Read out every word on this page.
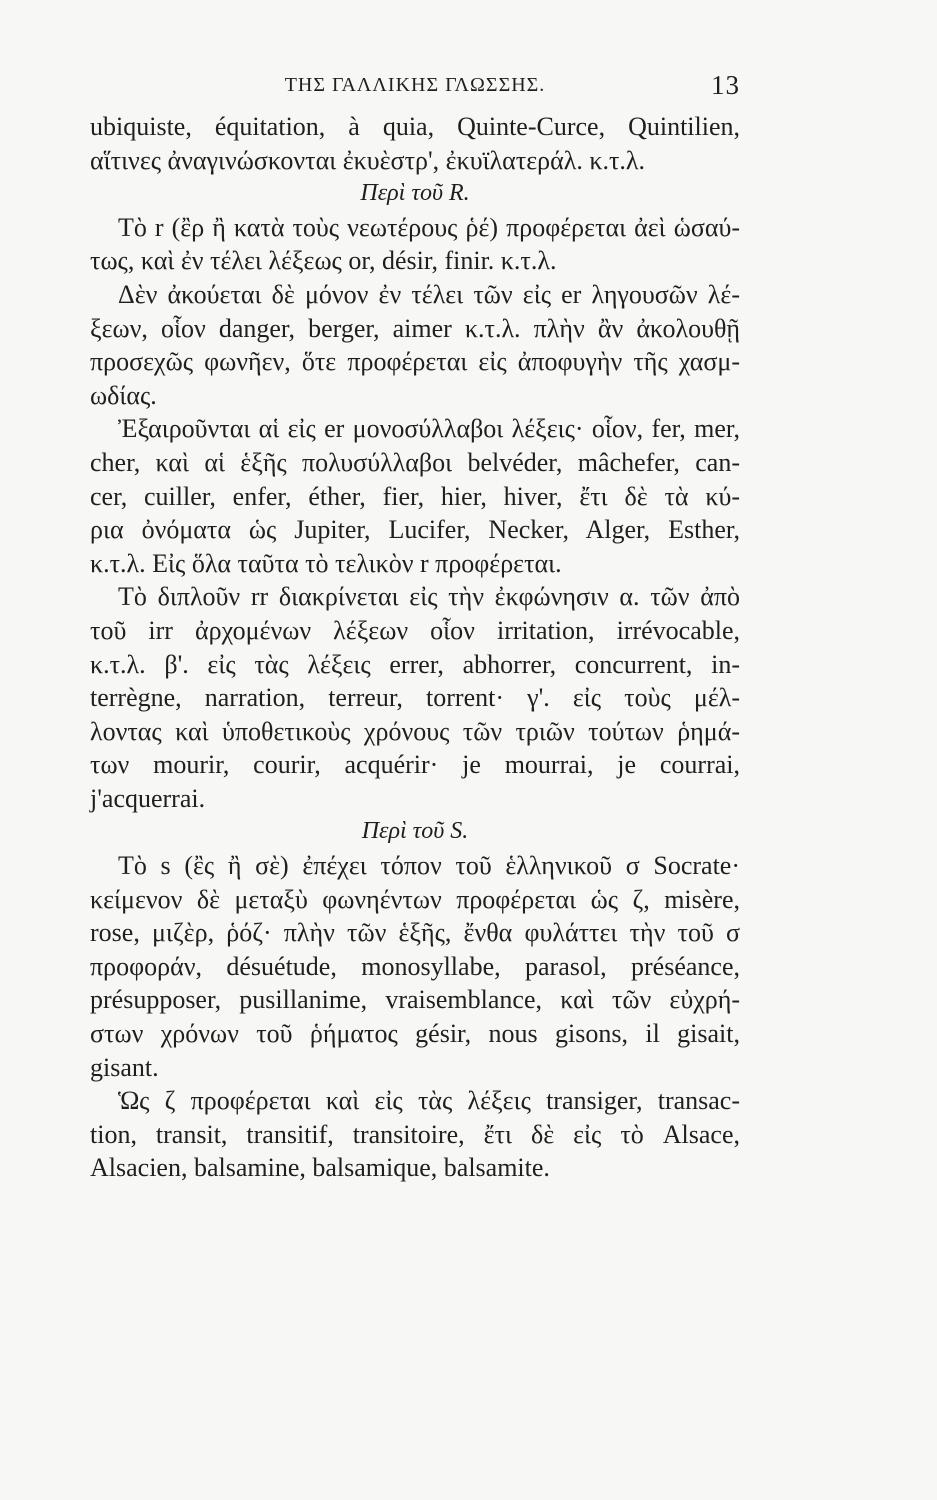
ΤΗΣ ΓΑΛΛΙΚΗΣ ΓΛΩΣΣΗΣ.	13
ubiquiste, équitation, à quia, Quinte-Curce, Quintilien,
αἵτινες ἀναγινώσκονται ἐκυὲστρ', ἐκυϊλατεράλ. κ.τ.λ.
Περὶ τοῦ R.
Τὸ r (ἒρ ἢ κατὰ τοὺς νεωτέρους ῥέ) προφέρεται ἀεὶ ὡσαύ-
τως, καὶ ἐν τέλει λέξεως or, désir, finir. κ.τ.λ.
Δὲν ἀκούεται δὲ μόνον ἐν τέλει τῶν εἰς er ληγουσῶν λέ-
ξεων, οἷον danger, berger, aimer κ.τ.λ. πλὴν ἂν ἀκολουθῇ
προσεχῶς φωνῆεν, ὅτε προφέρεται εἰς ἀποφυγὴν τῆς χασμ-
ωδίας.
Ἐξαιροῦνται αἱ εἰς er μονοσύλλαβοι λέξεις· οἷον, fer, mer,
cher, καὶ αἱ ἑξῆς πολυσύλλαβοι belvéder, mâchefer, can-
cer, cuiller, enfer, éther, fier, hier, hiver, ἔτι δὲ τὰ κύ-
ρια ὀνόματα ὡς Jupiter, Lucifer, Necker, Alger, Esther,
κ.τ.λ. Εἰς ὅλα ταῦτα τὸ τελικὸν r προφέρεται.
Τὸ διπλοῦν rr διακρίνεται εἰς τὴν ἐκφώνησιν α. τῶν ἀπὸ
τοῦ irr ἀρχομένων λέξεων οἷον irritation, irrévocable,
κ.τ.λ. β'. εἰς τὰς λέξεις errer, abhorrer, concurrent, in-
terrègne, narration, terreur, torrent· γ'. εἰς τοὺς μέλ-
λοντας καὶ ὑποθετικοὺς χρόνους τῶν τριῶν τούτων ῥημά-
των mourir, courir, acquérir· je mourrai, je courrai,
j'acquerrai.
Περὶ τοῦ S.
Τὸ s (ἒς ἢ σὲ) ἐπέχει τόπον τοῦ ἑλληνικοῦ σ Socrate·
κείμενον δὲ μεταξὺ φωνηέντων προφέρεται ὡς ζ, misère,
rose, μιζὲρ, ῥόζ· πλὴν τῶν ἑξῆς, ἔνθα φυλάττει τὴν τοῦ σ
προφοράν, désuétude, monosyllabe, parasol, préséance,
présupposer, pusillanime, vraisemblance, καὶ τῶν εὐχρή-
στων χρόνων τοῦ ῥήματος gésir, nous gisons, il gisait,
gisant.
Ὡς ζ προφέρεται καὶ εἰς τὰς λέξεις transiger, transac-
tion, transit, transitif, transitoire, ἔτι δὲ εἰς τὸ Alsace,
Alsacien, balsamine, balsamique, balsamite.
